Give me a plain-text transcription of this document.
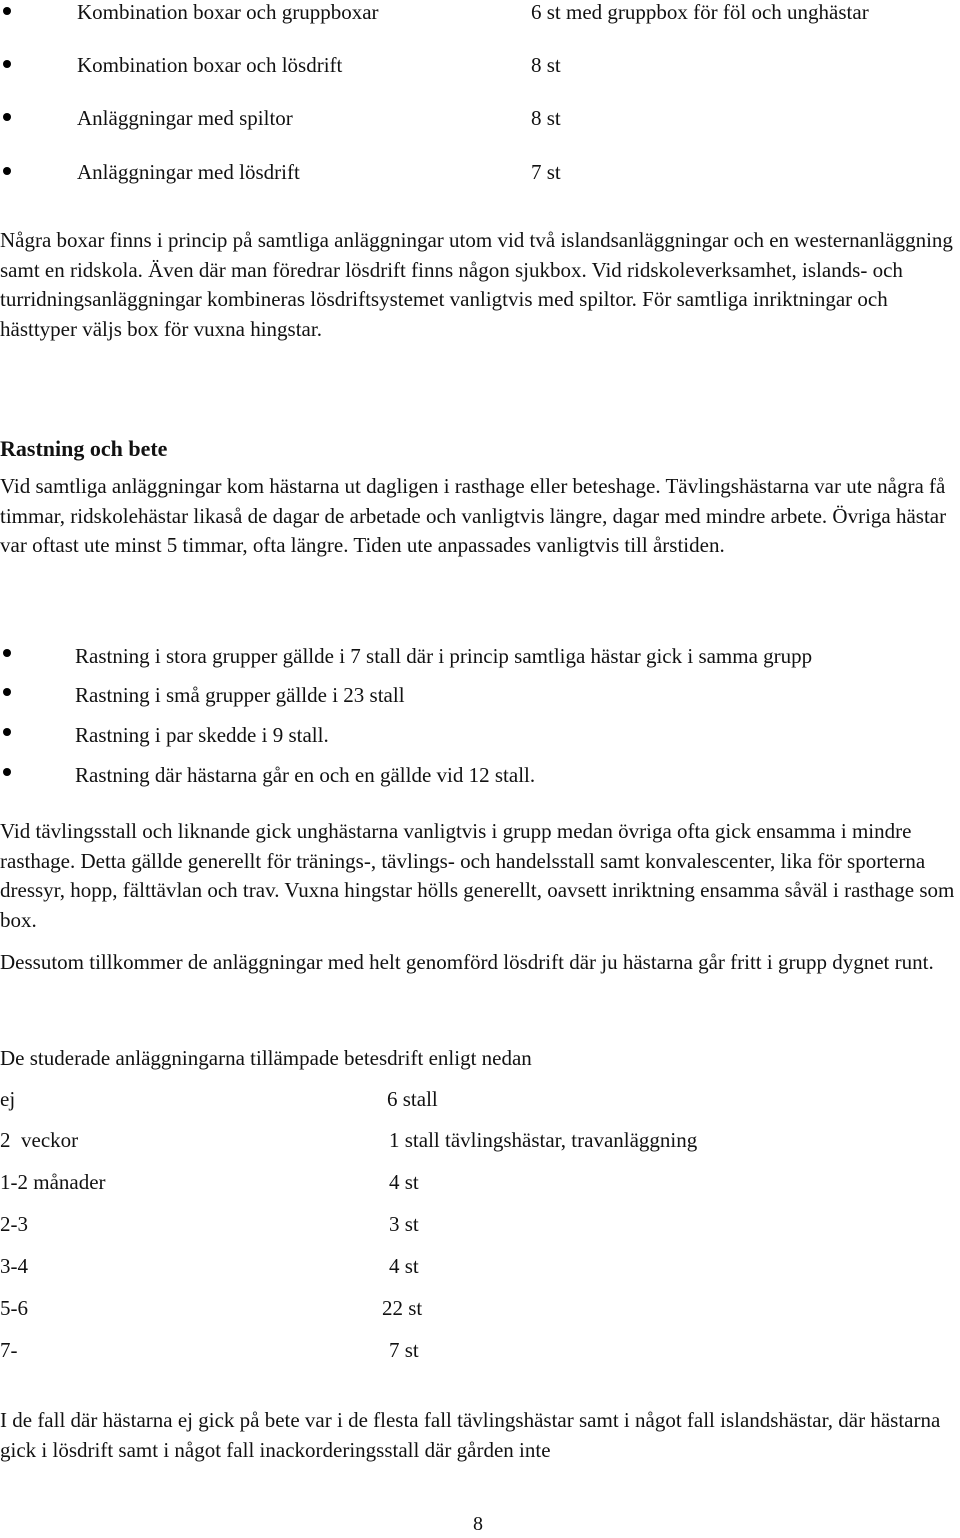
Kombination boxar och gruppboxar	6 st med gruppbox för föl och unghästar
Kombination boxar och lösdrift	8 st
Anläggningar med spiltor	8 st
Anläggningar med lösdrift	7 st
Några boxar finns i princip på samtliga anläggningar utom vid två islandsanläggningar och en westernanläggning samt en ridskola. Även där man föredrar lösdrift finns någon sjukbox. Vid ridskoleverksamhet, islands- och turridningsanläggningar kombineras lösdriftsystemet vanligtvis med spiltor. För samtliga inriktningar och hästtyper väljs box för vuxna hingstar.
Rastning och bete
Vid samtliga anläggningar kom hästarna ut dagligen i rasthage eller beteshage. Tävlingshästarna var ute några få timmar, ridskolehästar likaså de dagar de arbetade och vanligtvis längre, dagar med mindre arbete. Övriga hästar var oftast ute minst 5 timmar, ofta längre. Tiden ute anpassades vanligtvis till årstiden.
Rastning i stora grupper gällde i 7 stall där i princip samtliga hästar gick i samma grupp
Rastning i små grupper gällde i 23 stall
Rastning i par skedde i 9 stall.
Rastning där hästarna går en och en gällde vid 12 stall.
Vid tävlingsstall och liknande gick unghästarna vanligtvis i grupp medan övriga ofta gick ensamma i mindre rasthage. Detta gällde generellt för tränings-, tävlings- och handelsstall samt konvalescenter, lika för sporterna dressyr, hopp, fälttävlan och trav. Vuxna hingstar hölls generellt, oavsett inriktning ensamma såväl i rasthage som box.
Dessutom tillkommer de anläggningar med helt genomförd lösdrift där ju hästarna går fritt i grupp dygnet runt.
De studerade anläggningarna tillämpade betesdrift enligt nedan
ej	6 stall
2  veckor	1 stall tävlingshästar, travanläggning
1-2 månader	4 st
2-3	3 st
3-4	4 st
5-6	22 st
7-	7 st
I de fall där hästarna ej gick på bete var i de flesta fall tävlingshästar samt i något fall islandshästar, där hästarna gick i lösdrift samt i något fall inackorderingsstall där gården inte
8
